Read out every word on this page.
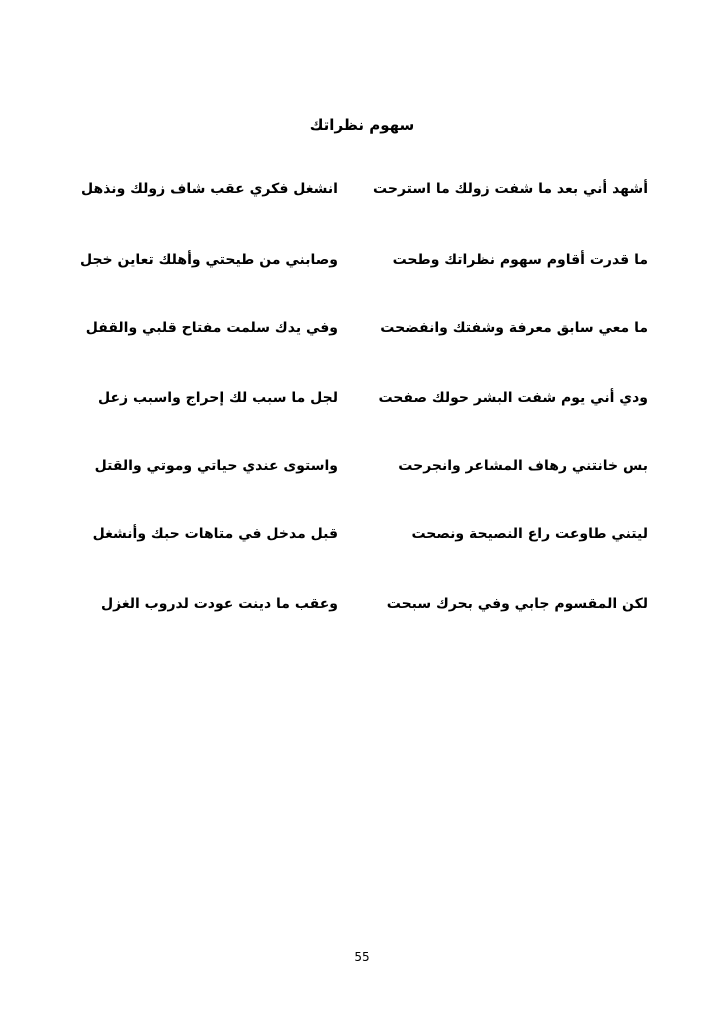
سهوم نظراتك
أشهد أني بعد ما شفت زولك ما استرحت
انشغل فكري عقب شاف زولك ونذهل
ما قدرت أقاوم سهوم نظراتك وطحت
وصابني من طيحتي وأهلك تعاين خجل
ما معي سابق معرفة وشفتك وانفضحت
وفي يدك سلمت مفتاح قلبي والقفل
ودي أني يوم شفت البشر حولك صفحت
لجل ما سبب لك إحراج واسبب زعل
بس خانتني رهاف المشاعر وانجرحت
واستوى عندي حياتي وموتي والقتل
ليتني طاوعت راع النصيحة ونصحت
قبل مدخل في متاهات حبك وأنشغل
لكن المقسوم جابي وفي بحرك سبحت
وعقب ما دينت عودت لدروب الغزل
55
